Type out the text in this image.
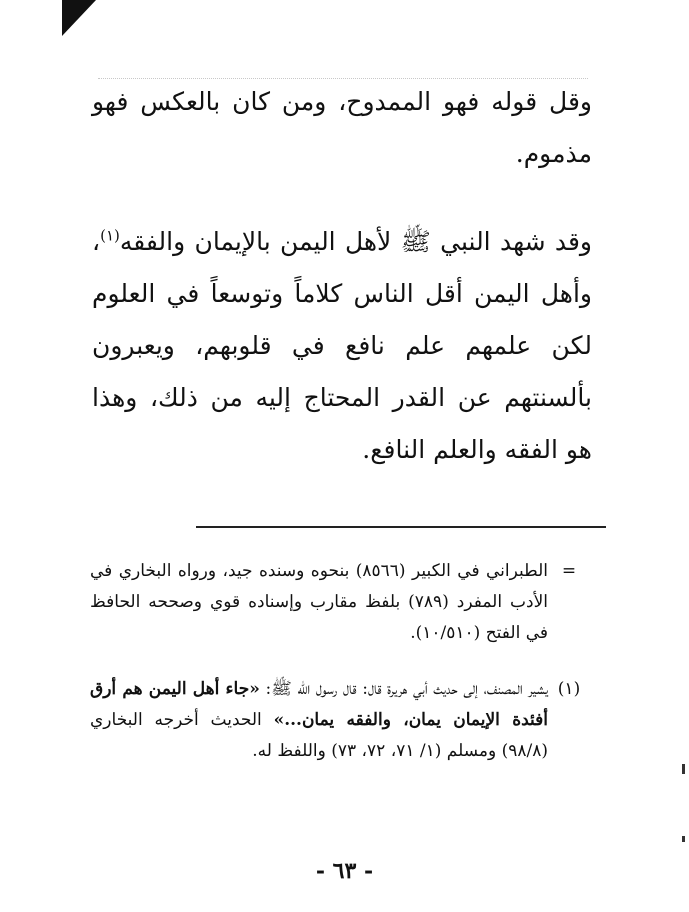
وقل قوله فهو الممدوح، ومن كان بالعكس فهو مذموم.

وقد شهد النبي ﷺ لأهل اليمن بالإيمان والفقه$^{(١)}$، وأهل اليمن أقل الناس كلاماً وتوسعاً في العلوم لكن علمهم علم نافع في قلوبهم، ويعبرون بألسنتهم عن القدر المحتاج إليه من ذلك، وهذا هو الفقه والعلم النافع.

=
الطبراني في الكبير (٨٥٦٦) بنحوه وسنده جيد، ورواه البخاري في الأدب المفرد (٧٨٩) بلفظ مقارب وإسناده قوي وصححه الحافظ في الفتح (١٠/٥١٠).
(١)
يشير المصنف، إلى حديث أبي هريرة قال: قال رسول الله ﷺ: «جاء أهل اليمن هم أرق أفئدة الإيمان يمان، والفقه يمان...» الحديث أخرجه البخاري (٩٨/٨) ومسلم (١/ ٧١، ٧٢، ٧٣) واللفظ له.

- ٦٣ -
